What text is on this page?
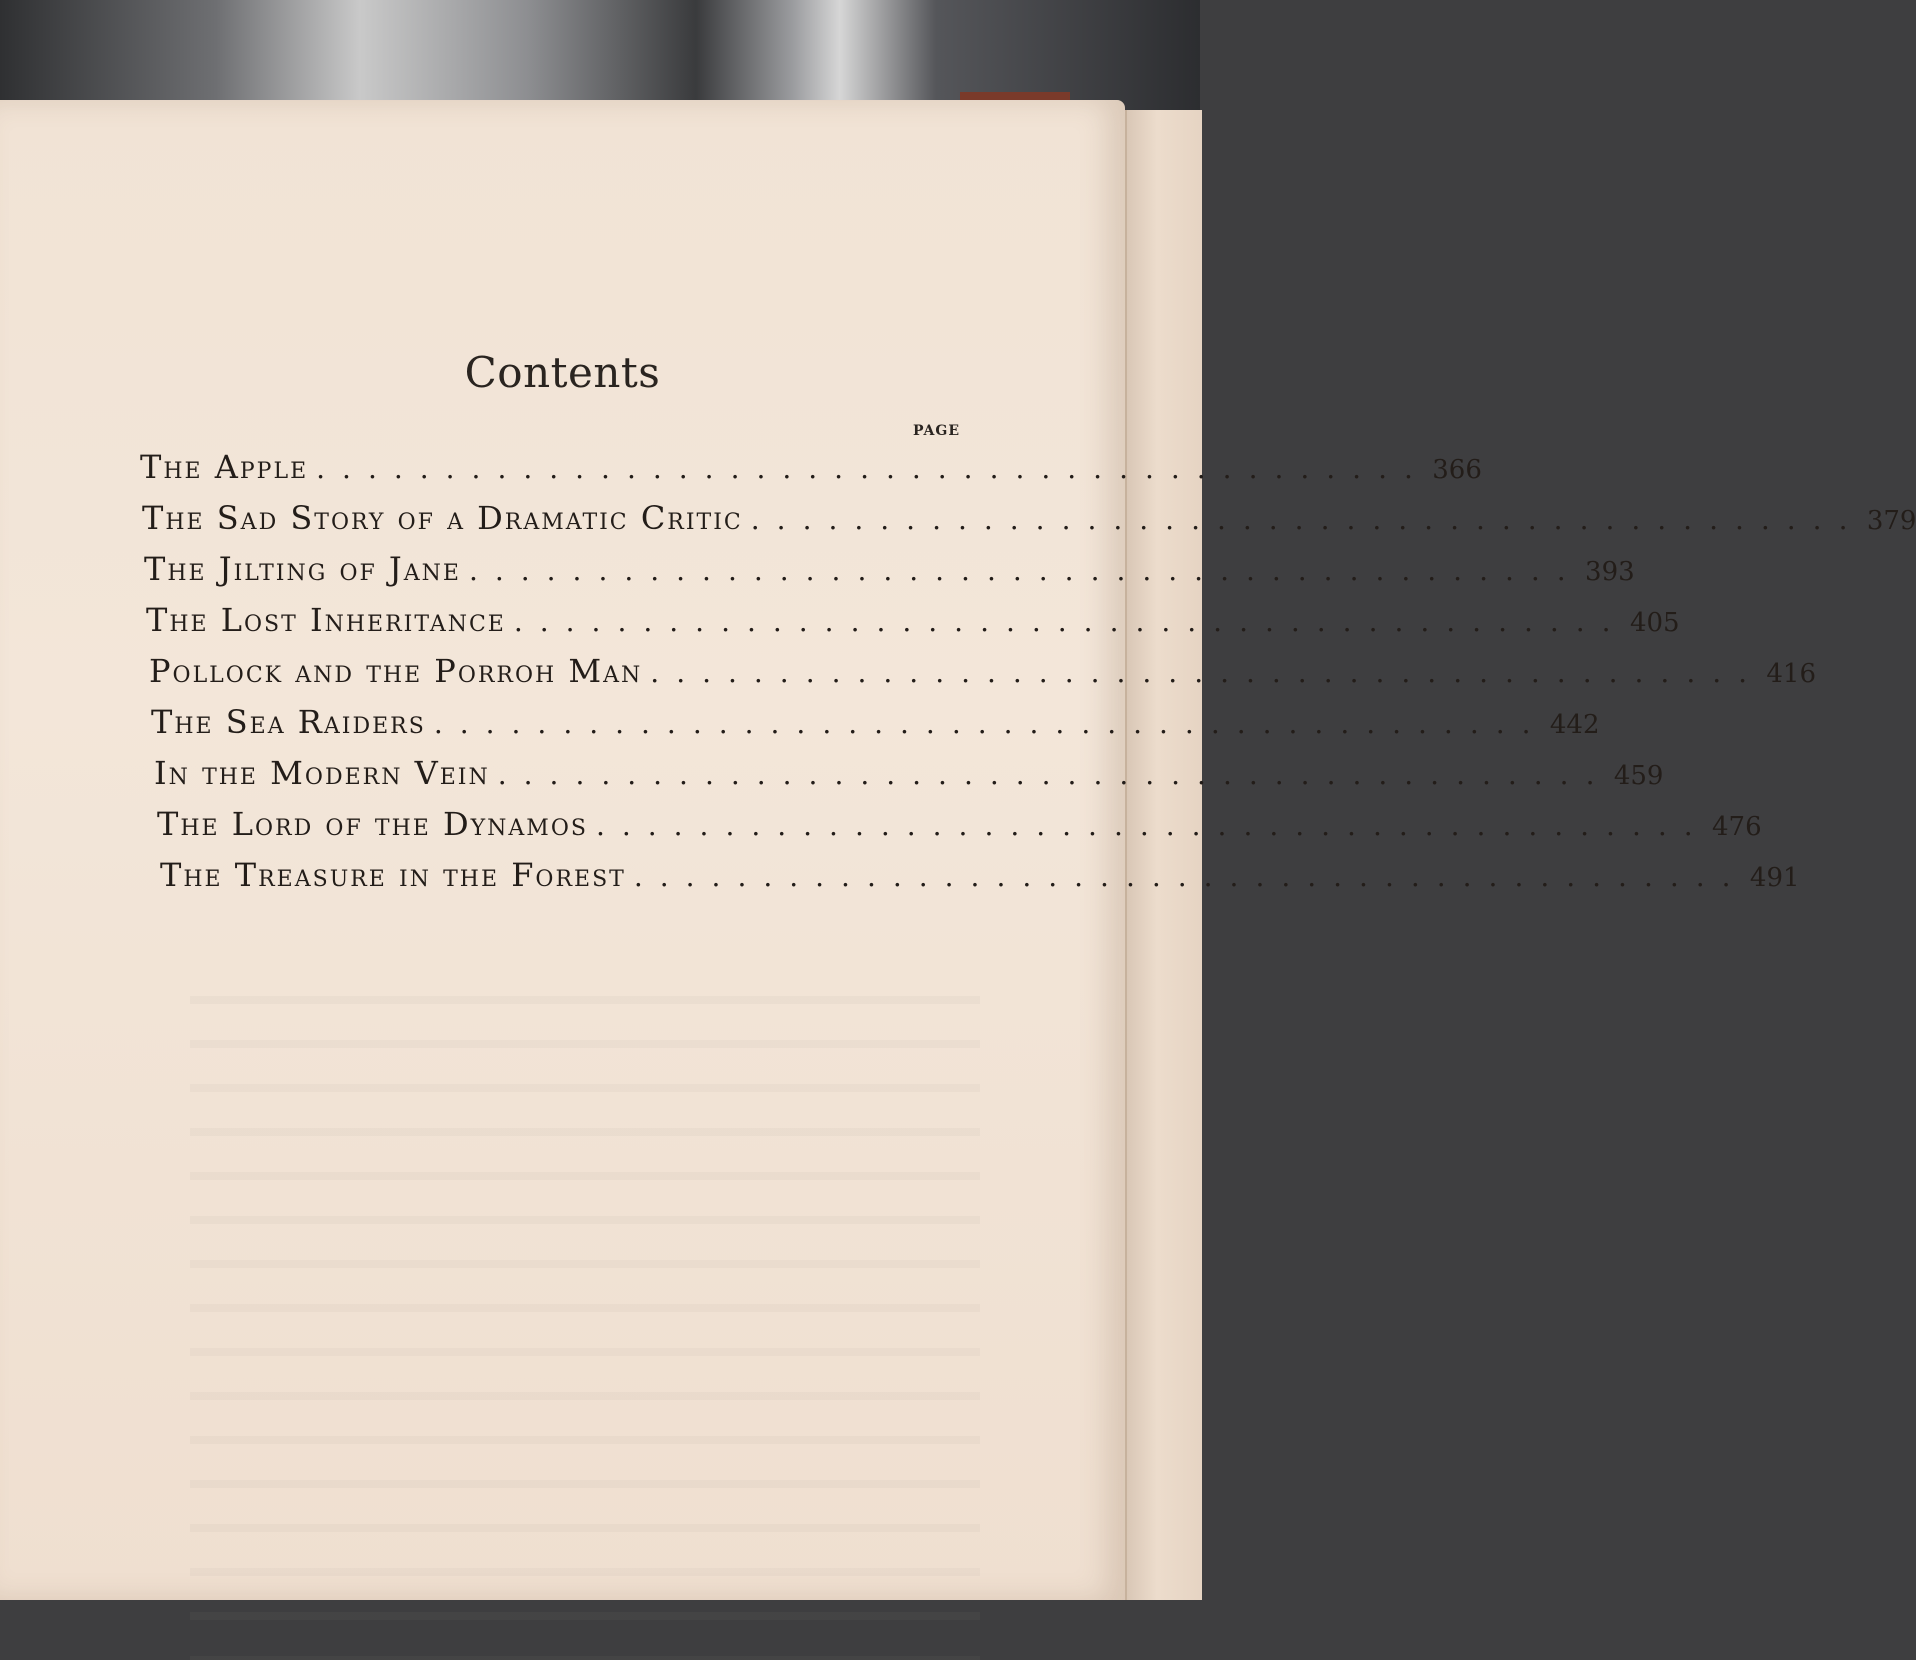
Contents
PAGE
The Apple ........................................... 366
The Sad Story of a Dramatic Critic ........................................... 379
The Jilting of Jane ........................................... 393
The Lost Inheritance ........................................... 405
Pollock and the Porroh Man ........................................... 416
The Sea Raiders ........................................... 442
In the Modern Vein ........................................... 459
The Lord of the Dynamos ........................................... 476
The Treasure in the Forest ........................................... 491
